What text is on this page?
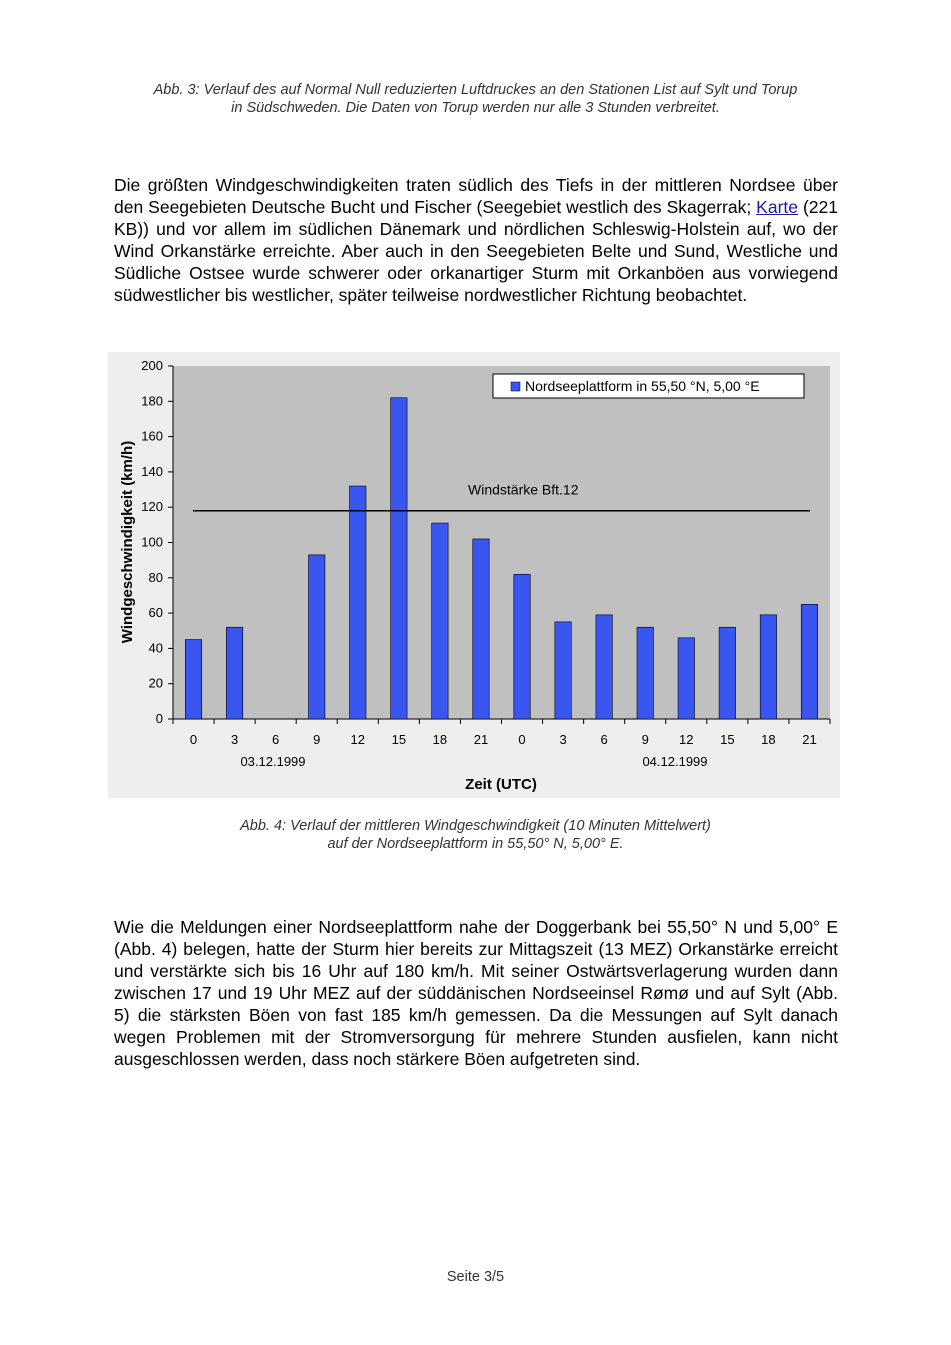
Abb. 3: Verlauf des auf Normal Null reduzierten Luftdruckes an den Stationen List auf Sylt und Torup
in Südschweden. Die Daten von Torup werden nur alle 3 Stunden verbreitet.
Die größten Windgeschwindigkeiten traten südlich des Tiefs in der mittleren Nordsee über den Seegebieten Deutsche Bucht und Fischer (Seegebiet westlich des Skagerrak; Karte (221 KB)) und vor allem im südlichen Dänemark und nördlichen Schleswig-Holstein auf, wo der Wind Orkanstärke erreichte. Aber auch in den Seegebieten Belte und Sund, Westliche und Südliche Ostsee wurde schwerer oder orkanartiger Sturm mit Orkanböen aus vorwiegend südwestlicher bis westlicher, später teilweise nordwestlicher Richtung beobachtet.
0
20
40
60
80
100
120
140
160
180
200
0	3	6	9 12 15 18 21 0	3	6	9 12 15 18 21
Windstärke Bft.12
Nordseeplattform in 55,50 °N, 5,00 °E
03.12.1999	04.12.1999
Zeit (UTC)
Windgeschwindigkeit (km/h)
Abb. 4: Verlauf der mittleren Windgeschwindigkeit (10 Minuten Mittelwert)
auf der Nordseeplattform in 55,50° N, 5,00° E.
Wie die Meldungen einer Nordseeplattform nahe der Doggerbank bei 55,50° N und 5,00° E (Abb. 4) belegen, hatte der Sturm hier bereits zur Mittagszeit (13 MEZ) Orkanstärke erreicht und verstärkte sich bis 16 Uhr auf 180 km/h. Mit seiner Ostwärtsverlagerung wurden dann zwischen 17 und 19 Uhr MEZ auf der süddänischen Nordseeinsel Rømø und auf Sylt (Abb. 5) die stärksten Böen von fast 185 km/h gemessen. Da die Messungen auf Sylt danach wegen Problemen mit der Stromversorgung für mehrere Stunden ausfielen, kann nicht ausgeschlossen werden, dass noch stärkere Böen aufgetreten sind.
Seite 3/5
